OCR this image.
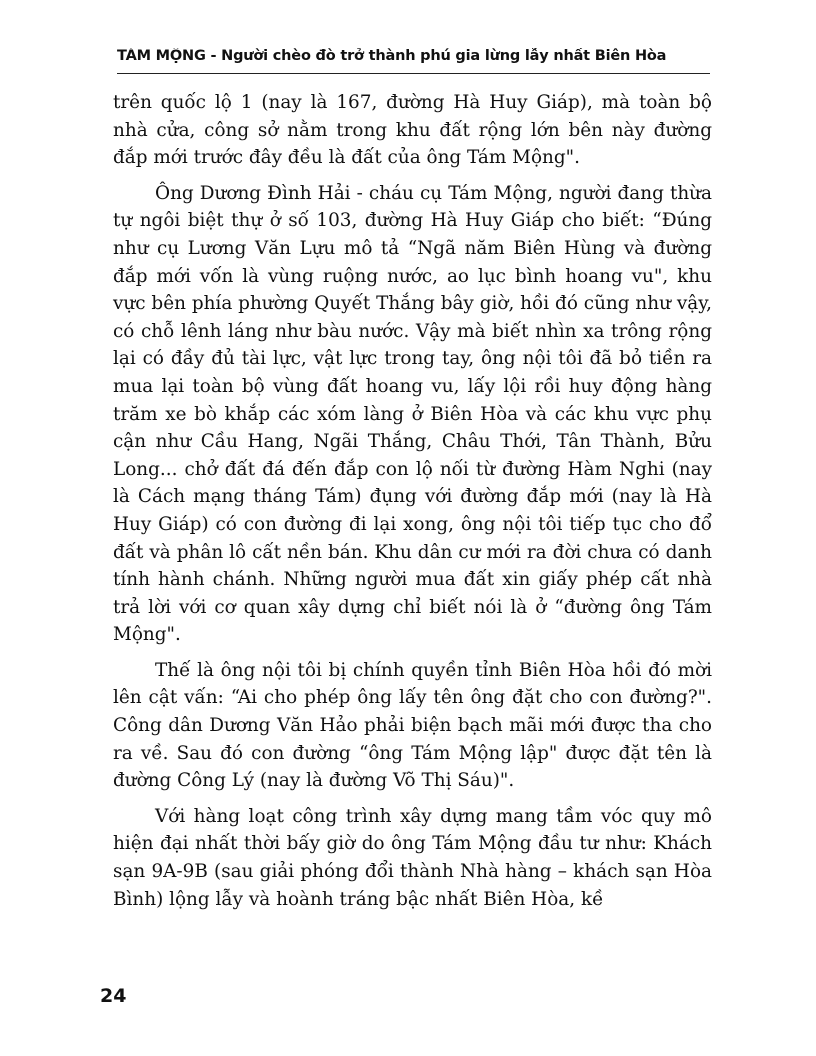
TÁM MỘNG - Người chèo đò trở thành phú gia lừng lẫy nhất Biên Hòa

trên quốc lộ 1 (nay là 167, đường Hà Huy Giáp), mà toàn bộ nhà cửa, công sở nằm trong khu đất rộng lớn bên này đường đắp mới trước đây đều là đất của ông Tám Mộng".

Ông Dương Đình Hải - cháu cụ Tám Mộng, người đang thừa tự ngôi biệt thự ở số 103, đường Hà Huy Giáp cho biết: “Đúng như cụ Lương Văn Lựu mô tả “Ngã năm Biên Hùng và đường đắp mới vốn là vùng ruộng nước, ao lục bình hoang vu", khu vực bên phía phường Quyết Thắng bây giờ, hồi đó cũng như vậy, có chỗ lênh láng như bàu nước. Vậy mà biết nhìn xa trông rộng lại có đầy đủ tài lực, vật lực trong tay, ông nội tôi đã bỏ tiền ra mua lại toàn bộ vùng đất hoang vu, lấy lội rồi huy động hàng trăm xe bò khắp các xóm làng ở Biên Hòa và các khu vực phụ cận như Cầu Hang, Ngãi Thắng, Châu Thới, Tân Thành, Bửu Long... chở đất đá đến đắp con lộ nối từ đường Hàm Nghi (nay là Cách mạng tháng Tám) đụng với đường đắp mới (nay là Hà Huy Giáp) có con đường đi lại xong, ông nội tôi tiếp tục cho đổ đất và phân lô cất nền bán. Khu dân cư mới ra đời chưa có danh tính hành chánh. Những người mua đất xin giấy phép cất nhà trả lời với cơ quan xây dựng chỉ biết nói là ở “đường ông Tám Mộng".

Thế là ông nội tôi bị chính quyền tỉnh Biên Hòa hồi đó mời lên cật vấn: “Ai cho phép ông lấy tên ông đặt cho con đường?". Công dân Dương Văn Hảo phải biện bạch mãi mới được tha cho ra về. Sau đó con đường “ông Tám Mộng lập" được đặt tên là đường Công Lý (nay là đường Võ Thị Sáu)".

Với hàng loạt công trình xây dựng mang tầm vóc quy mô hiện đại nhất thời bấy giờ do ông Tám Mộng đầu tư như: Khách sạn 9A-9B (sau giải phóng đổi thành Nhà hàng – khách sạn Hòa Bình) lộng lẫy và hoành tráng bậc nhất Biên Hòa, kề

24
